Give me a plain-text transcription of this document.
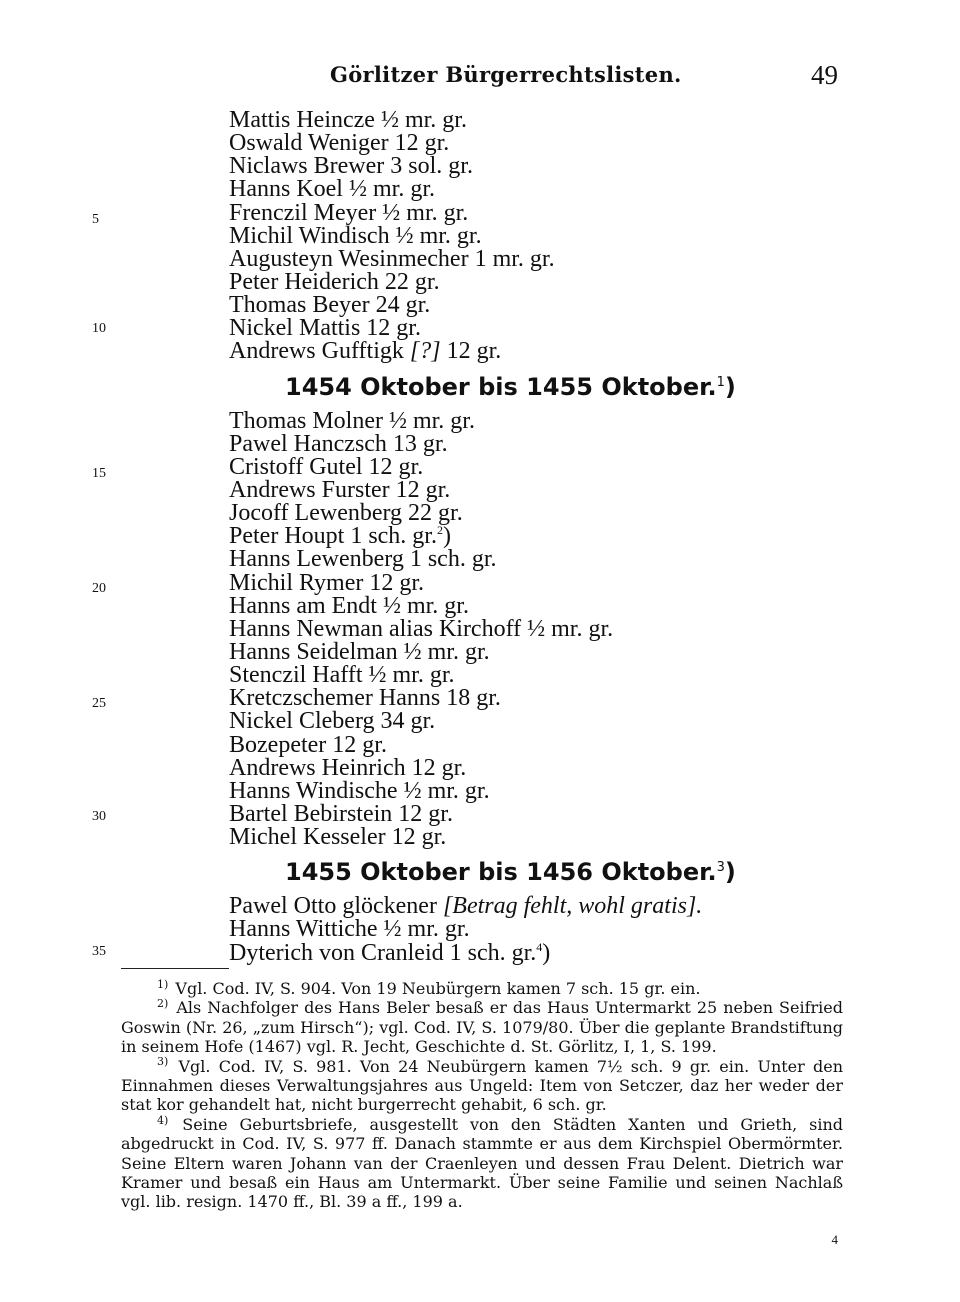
Görlitzer Bürgerrechtslisten.	49
5
10
15
20
25
30
35
Mattis Heincze ½ mr. gr.
Oswald Weniger 12 gr.
Niclaws Brewer 3 sol. gr.
Hanns Koel ½ mr. gr.
Frenczil Meyer ½ mr. gr.
Michil Windisch ½ mr. gr.
Augusteyn Wesinmecher 1 mr. gr.
Peter Heiderich 22 gr.
Thomas Beyer 24 gr.
Nickel Mattis 12 gr.
Andrews Gufftigk [?] 12 gr.
1454 Oktober bis 1455 Oktober.$^1$)
Thomas Molner ½ mr. gr.
Pawel Hanczsch 13 gr.
Cristoff Gutel 12 gr.
Andrews Furster 12 gr.
Jocoff Lewenberg 22 gr.
Peter Houpt 1 sch. gr.$^2$)
Hanns Lewenberg 1 sch. gr.
Michil Rymer 12 gr.
Hanns am Endt ½ mr. gr.
Hanns Newman alias Kirchoff ½ mr. gr.
Hanns Seidelman ½ mr. gr.
Stenczil Hafft ½ mr. gr.
Kretczschemer Hanns 18 gr.
Nickel Cleberg 34 gr.
Bozepeter 12 gr.
Andrews Heinrich 12 gr.
Hanns Windische ½ mr. gr.
Bartel Bebirstein 12 gr.
Michel Kesseler 12 gr.
1455 Oktober bis 1456 Oktober.$^3$)
Pawel Otto glöckener [Betrag fehlt, wohl gratis].
Hanns Wittiche ½ mr. gr.
Dyterich von Cranleid 1 sch. gr.$^4$)

$^{1)}$ Vgl. Cod. IV, S. 904. Von 19 Neubürgern kamen 7 sch. 15 gr. ein.

$^{2)}$ Als Nachfolger des Hans Beler besaß er das Haus Untermarkt 25 neben Seifried Goswin (Nr. 26, „zum Hirsch“); vgl. Cod. IV, S. 1079/80. Über die geplante Brandstiftung in seinem Hofe (1467) vgl. R. Jecht, Geschichte d. St. Görlitz, I, 1, S. 199.

$^{3)}$ Vgl. Cod. IV, S. 981. Von 24 Neubürgern kamen 7½ sch. 9 gr. ein. Unter den Einnahmen dieses Verwaltungsjahres aus Ungeld: Item von Setczer, daz her weder der stat kor gehandelt hat, nicht burgerrecht gehabit, 6 sch. gr.

$^{4)}$ Seine Geburtsbriefe, ausgestellt von den Städten Xanten und Grieth, sind abgedruckt in Cod. IV, S. 977 ff. Danach stammte er aus dem Kirchspiel Obermörmter. Seine Eltern waren Johann van der Craenleyen und dessen Frau Delent. Dietrich war Kramer und besaß ein Haus am Untermarkt. Über seine Familie und seinen Nachlaß vgl. lib. resign. 1470 ff., Bl. 39 a ff., 199 a.

4
